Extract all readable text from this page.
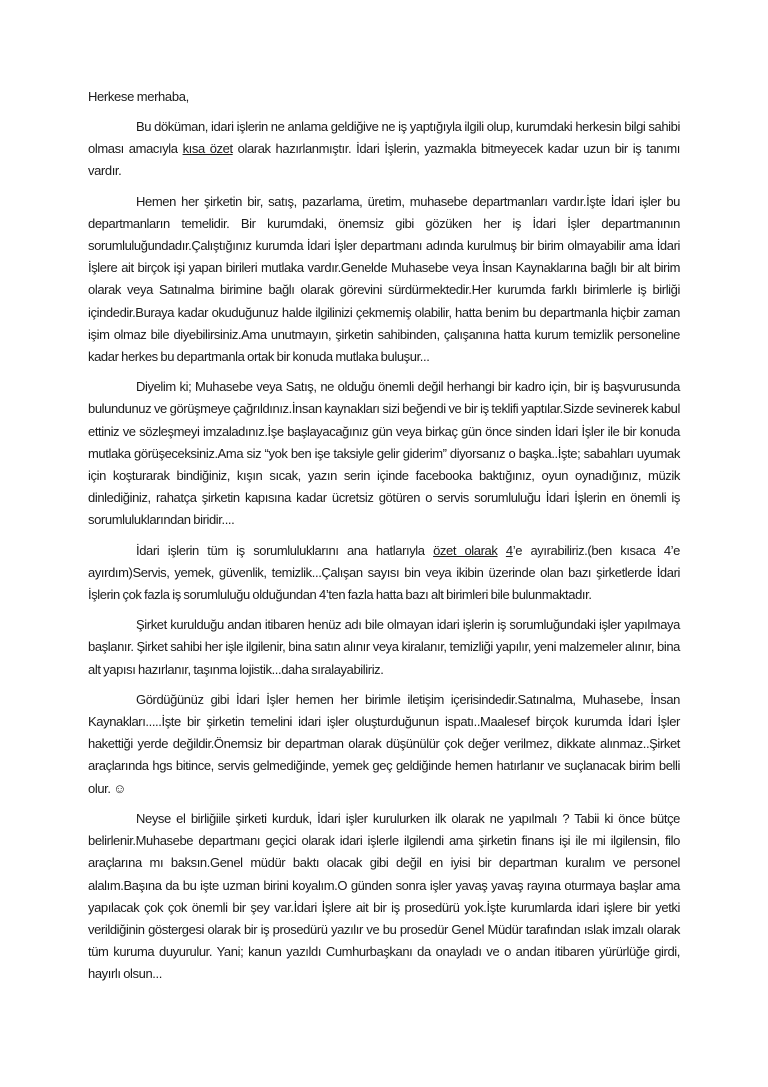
Herkese merhaba,

Bu döküman, idari işlerin ne anlama geldiğive ne iş yaptığıyla ilgili olup, kurumdaki herkesin bilgi sahibi olması amacıyla kısa özet olarak hazırlanmıştır. İdari İşlerin, yazmakla bitmeyecek kadar uzun bir iş tanımı vardır.

Hemen her şirketin bir, satış, pazarlama, üretim, muhasebe departmanları vardır.İşte İdari işler bu departmanların temelidir. Bir kurumdaki, önemsiz gibi gözüken her iş İdari İşler departmanının sorumluluğundadır.Çalıştığınız kurumda İdari İşler departmanı adında kurulmuş bir birim olmayabilir ama İdari İşlere ait birçok işi yapan birileri mutlaka vardır.Genelde Muhasebe veya İnsan Kaynaklarına bağlı bir alt birim olarak veya Satınalma birimine bağlı olarak görevini sürdürmektedir.Her kurumda farklı birimlerle iş birliği içindedir.Buraya kadar okuduğunuz halde ilgilinizi çekmemiş olabilir, hatta benim bu departmanla hiçbir zaman işim olmaz bile diyebilirsiniz.Ama unutmayın, şirketin sahibinden, çalışanına hatta kurum temizlik personeline kadar herkes bu departmanla ortak bir konuda mutlaka buluşur...

Diyelim ki; Muhasebe veya Satış, ne olduğu önemli değil herhangi bir kadro için, bir iş başvurusunda bulundunuz ve görüşmeye çağrıldınız.İnsan kaynakları sizi beğendi ve bir iş teklifi yaptılar.Sizde sevinerek kabul ettiniz ve sözleşmeyi imzaladınız.İşe başlayacağınız gün veya birkaç gün önce sinden İdari İşler ile bir konuda mutlaka görüşeceksiniz.Ama siz “yok ben işe taksiyle gelir giderim” diyorsanız o başka..İşte; sabahları uyumak için koşturarak bindiğiniz, kışın sıcak, yazın serin içinde facebooka baktığınız, oyun oynadığınız, müzik dinlediğiniz, rahatça şirketin kapısına kadar ücretsiz götüren o servis sorumluluğu İdari İşlerin en önemli iş sorumluluklarından biridir....

İdari işlerin tüm iş sorumluluklarını ana hatlarıyla özet olarak 4’e ayırabiliriz.(ben kısaca 4’e ayırdım)Servis, yemek, güvenlik, temizlik...Çalışan sayısı bin veya ikibin üzerinde olan bazı şirketlerde İdari İşlerin çok fazla iş sorumluluğu olduğundan 4’ten fazla hatta bazı alt birimleri bile bulunmaktadır.

Şirket kurulduğu andan itibaren henüz adı bile olmayan idari işlerin iş sorumluğundaki işler yapılmaya başlanır. Şirket sahibi her işle ilgilenir, bina satın alınır veya kiralanır, temizliği yapılır, yeni malzemeler alınır, bina alt yapısı hazırlanır, taşınma lojistik...daha sıralayabiliriz.

Gördüğünüz gibi İdari İşler hemen her birimle iletişim içerisindedir.Satınalma, Muhasebe, İnsan Kaynakları.....İşte bir şirketin temelini idari işler oluşturduğunun ispatı..Maalesef birçok kurumda İdari İşler hakettiği yerde değildir.Önemsiz bir departman olarak düşünülür çok değer verilmez, dikkate alınmaz..Şirket araçlarında hgs bitince, servis gelmediğinde, yemek geç geldiğinde hemen hatırlanır ve suçlanacak birim belli olur. ☺

Neyse el birliğiile şirketi kurduk, İdari işler kurulurken ilk olarak ne yapılmalı ? Tabii ki önce bütçe belirlenir.Muhasebe departmanı geçici olarak idari işlerle ilgilendi ama şirketin finans işi ile mi ilgilensin, filo araçlarına mı baksın.Genel müdür baktı olacak gibi değil en iyisi bir departman kuralım ve personel alalım.Başına da bu işte uzman birini koyalım.O günden sonra işler yavaş yavaş rayına oturmaya başlar ama yapılacak çok çok önemli bir şey var.İdari İşlere ait bir iş prosedürü yok.İşte kurumlarda idari işlere bir yetki verildiğinin göstergesi olarak bir iş prosedürü yazılır ve bu prosedür Genel Müdür tarafından ıslak imzalı olarak tüm kuruma duyurulur. Yani; kanun yazıldı Cumhurbaşkanı da onayladı ve o andan itibaren yürürlüğe girdi, hayırlı olsun...
